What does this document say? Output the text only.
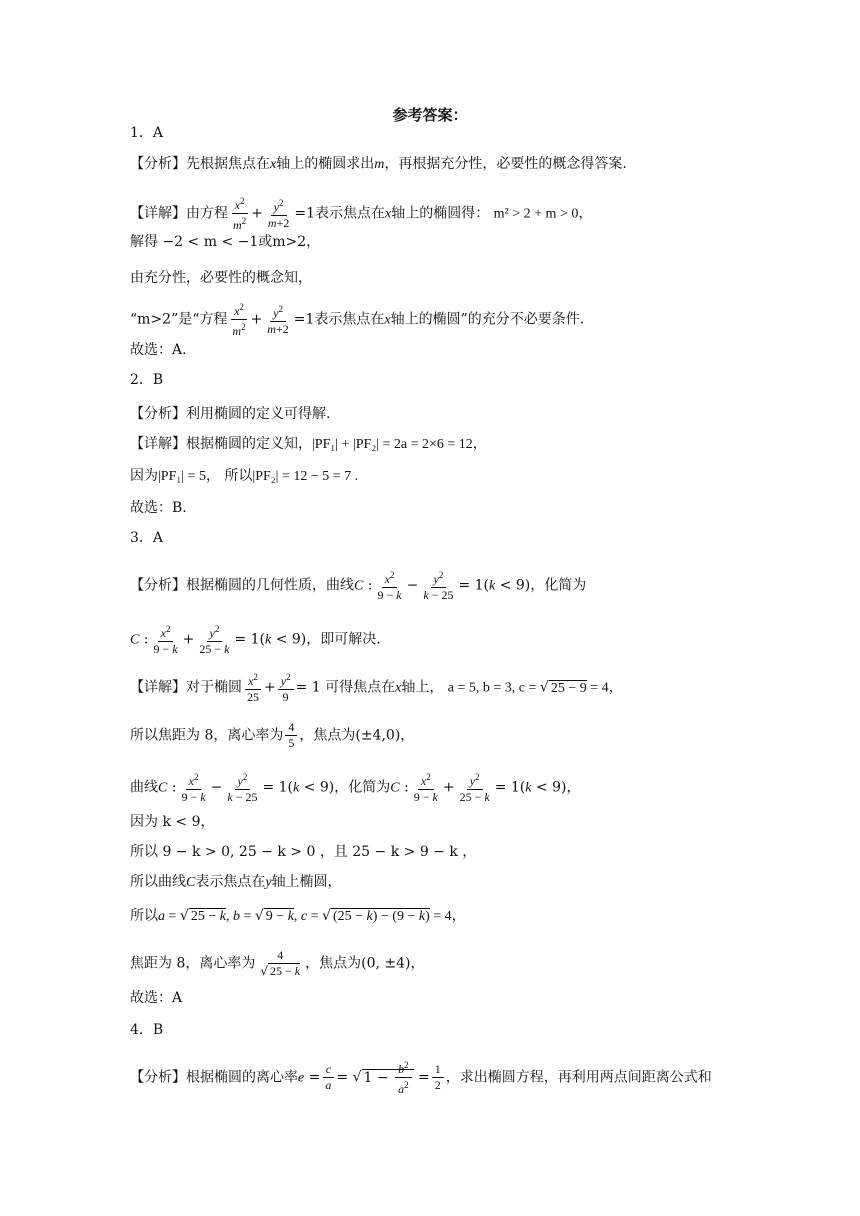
参考答案：
1．A
【分析】先根据焦点在x轴上的椭圆求出m，再根据充分性，必要性的概念得答案.
【详解】由方程 $\frac{x^2}{m^2} + \frac{y^2}{m+2} =1$表示焦点在x轴上的椭圆得： m² > 2 + m > 0，
解得 −2 < m < −1或m>2，
由充分性，必要性的概念知，
“m>2”是“方程 $\frac{x^2}{m^2} + \frac{y^2}{m+2} =1$表示焦点在x轴上的椭圆”的充分不必要条件.
故选：A.
2．B
【分析】利用椭圆的定义可得解.
【详解】根据椭圆的定义知，|PF₁| + |PF₂| = 2a = 2×6 = 12，
因为|PF₁| = 5， 所以|PF₂| = 12 − 5 = 7 .
故选：B.
3．A
【分析】根据椭圆的几何性质，曲线C : $\frac{x^2}{9 - k} - \frac{y^2}{k - 25} = 1(k < 9)$，化简为
C : $\frac{x^2}{9 - k} + \frac{y^2}{25 - k} = 1(k < 9)$，即可解决.
【详解】对于椭圆 $\frac{x^2}{25} + \frac{y^2}{9} = 1$ 可得焦点在x轴上， a = 5, b = 3, c = √ 25 − 9 = 4，
所以焦距为 8，离心率为 $\frac{4}{5}$ ，焦点为(±4,0)，
曲线C : $\frac{x^2}{9 - k} - \frac{y^2}{k - 25} = 1(k < 9)$，化简为C : $\frac{x^2}{9 - k} + \frac{y^2}{25 - k} = 1(k < 9)$，
因为 k < 9，
所以 9 − k > 0, 25 − k > 0 ，且 25 − k > 9 − k ，
所以曲线C表示焦点在y轴上椭圆，
所以a = √ 25 − k, b = √ 9 − k, c = √ (25 − k) − (9 − k) = 4，
焦距为 8，离心率为 $\frac{4}{√ 25 - k}$ ，焦点为(0, ±4)，
故选：A
4．B
【分析】根据椭圆的离心率$e = \frac{c}{a}$ = √ $1 - \frac{b^2}{a^2} = \frac{1}{2}$ ，求出椭圆方程，再利用两点间距离公式和
